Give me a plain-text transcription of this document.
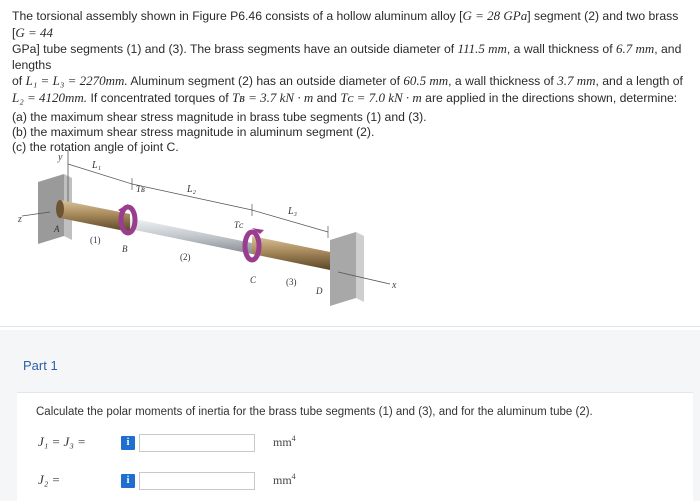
The torsional assembly shown in Figure P6.46 consists of a hollow aluminum alloy [G = 28 GPa] segment (2) and two brass [G = 44

GPa] tube segments (1) and (3). The brass segments have an outside diameter of 111.5 mm, a wall thickness of 6.7 mm, and lengths

of L₁ = L₃ = 2270mm. Aluminum segment (2) has an outside diameter of 60.5 mm, a wall thickness of 3.7 mm, and a length of

L₂ = 4120mm. If concentrated torques of Tʙ = 3.7 kN · m and Tᴄ = 7.0 kN · m are applied in the directions shown, determine:

(a) the maximum shear stress magnitude in brass tube segments (1) and (3).
(b) the maximum shear stress magnitude in aluminum segment (2).
(c) the rotation angle of joint C.
y
z
L₁
L₂
L₃
x
Tʙ
Tᴄ
A
B
C
D
(1)
(2)
(3)
Part 1
Calculate the polar moments of inertia for the brass tube segments (1) and (3), and for the aluminum tube (2).
J₁ = J₃ =	i	$mm^4$
J₂ =	i	$mm^4$
